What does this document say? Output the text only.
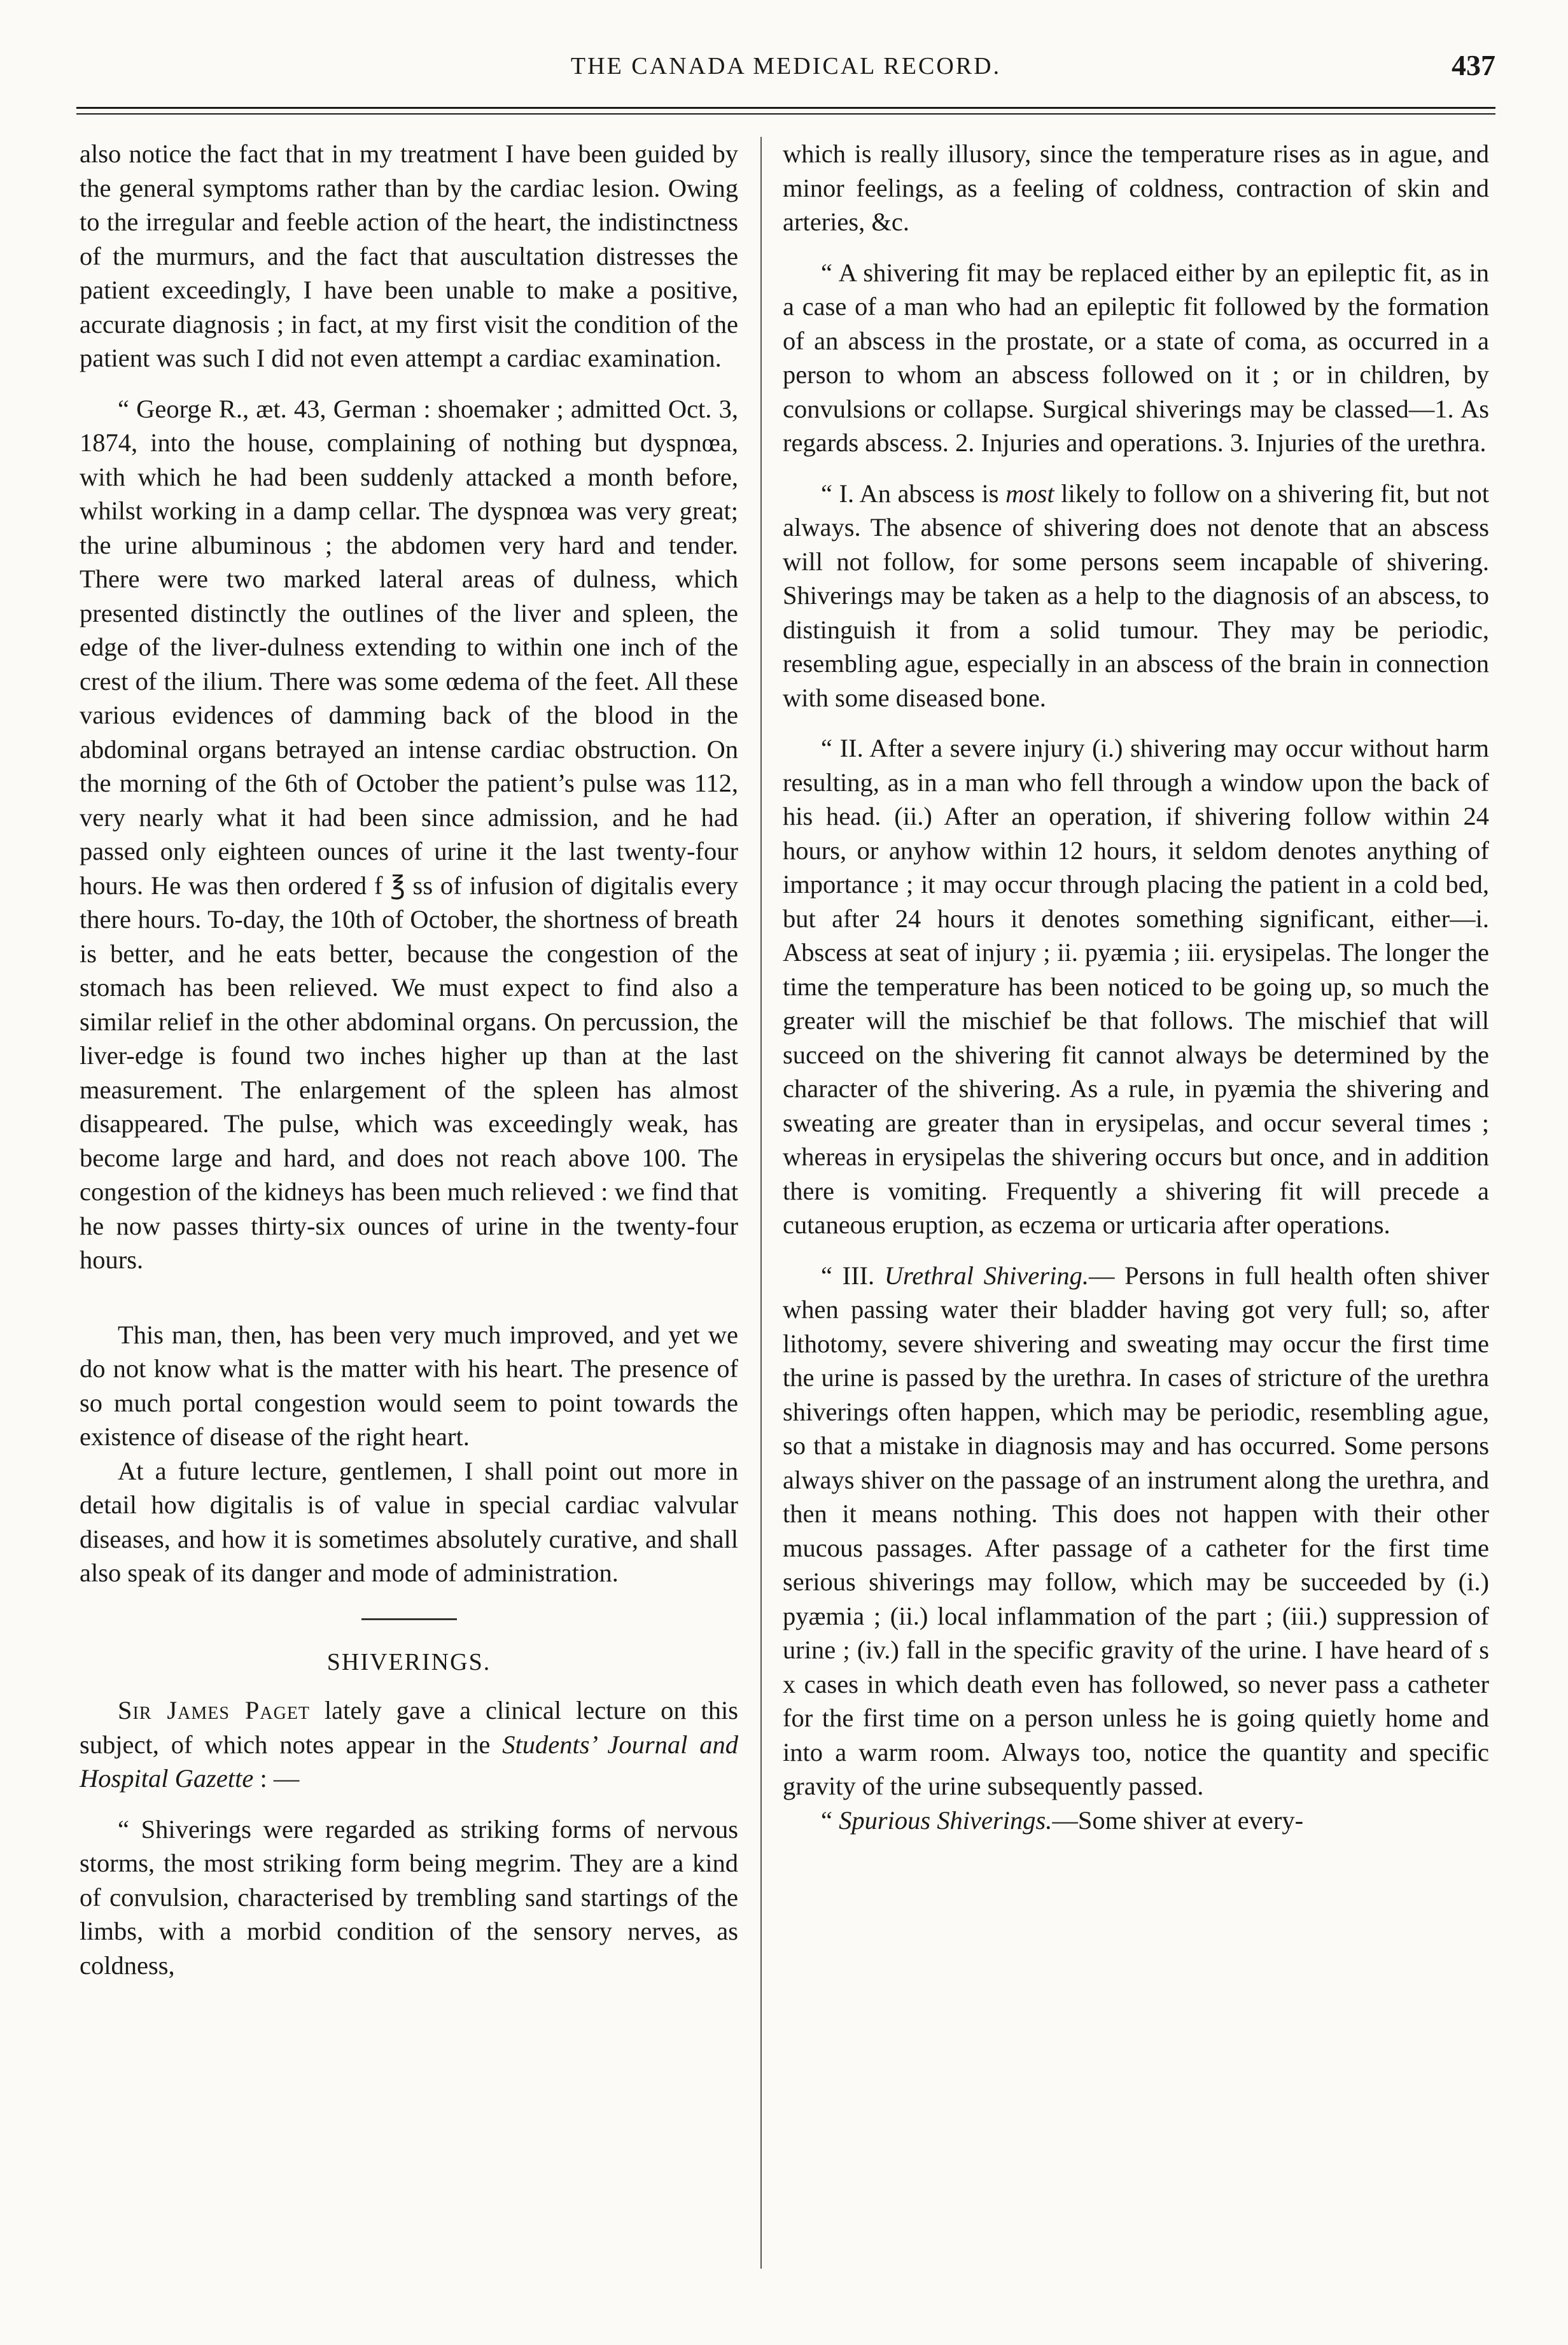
THE CANADA MEDICAL RECORD.	437

also notice the fact that in my treatment I have been guided by the general symptoms rather than by the cardiac lesion. Owing to the irregular and feeble action of the heart, the indistinctness of the murmurs, and the fact that auscultation distresses the patient exceedingly, I have been unable to make a positive, accurate diagnosis ; in fact, at my first visit the condition of the patient was such I did not even attempt a cardiac examination.

“ George R., æt. 43, German : shoemaker ; admitted Oct. 3, 1874, into the house, complaining of nothing but dyspnœa, with which he had been suddenly attacked a month before, whilst working in a damp cellar. The dyspnœa was very great; the urine albuminous ; the abdomen very hard and tender. There were two marked lateral areas of dulness, which presented distinctly the outlines of the liver and spleen, the edge of the liver-dulness extending to within one inch of the crest of the ilium. There was some œdema of the feet. All these various evidences of damming back of the blood in the abdominal organs betrayed an intense cardiac obstruction. On the morning of the 6th of October the patient’s pulse was 112, very nearly what it had been since admission, and he had passed only eighteen ounces of urine it the last twenty-four hours. He was then ordered f ℥ ss of infusion of digitalis every there hours. To-day, the 10th of October, the shortness of breath is better, and he eats better, because the congestion of the stomach has been relieved. We must expect to find also a similar relief in the other abdominal organs. On percussion, the liver-edge is found two inches higher up than at the last measurement. The enlargement of the spleen has almost disappeared. The pulse, which was exceedingly weak, has become large and hard, and does not reach above 100. The congestion of the kidneys has been much relieved : we find that he now passes thirty-six ounces of urine in the twenty-four hours.

This man, then, has been very much improved, and yet we do not know what is the matter with his heart. The presence of so much portal congestion would seem to point towards the existence of disease of the right heart.

At a future lecture, gentlemen, I shall point out more in detail how digitalis is of value in special cardiac valvular diseases, and how it is sometimes absolutely curative, and shall also speak of its danger and mode of administration.

SHIVERINGS.

Sir James Paget lately gave a clinical lecture on this subject, of which notes appear in the Students’ Journal and Hospital Gazette : —

“ Shiverings were regarded as striking forms of nervous storms, the most striking form being megrim. They are a kind of convulsion, characterised by trembling sand startings of the limbs, with a morbid condition of the sensory nerves, as coldness,

which is really illusory, since the temperature rises as in ague, and minor feelings, as a feeling of coldness, contraction of skin and arteries, &c.

“ A shivering fit may be replaced either by an epileptic fit, as in a case of a man who had an epileptic fit followed by the formation of an abscess in the prostate, or a state of coma, as occurred in a person to whom an abscess followed on it ; or in children, by convulsions or collapse. Surgical shiverings may be classed—1. As regards abscess. 2. Injuries and operations. 3. Injuries of the urethra.

“ I. An abscess is most likely to follow on a shivering fit, but not always. The absence of shivering does not denote that an abscess will not follow, for some persons seem incapable of shivering. Shiverings may be taken as a help to the diagnosis of an abscess, to distinguish it from a solid tumour. They may be periodic, resembling ague, especially in an abscess of the brain in connection with some diseased bone.

“ II. After a severe injury (i.) shivering may occur without harm resulting, as in a man who fell through a window upon the back of his head. (ii.) After an operation, if shivering follow within 24 hours, or anyhow within 12 hours, it seldom denotes anything of importance ; it may occur through placing the patient in a cold bed, but after 24 hours it denotes something significant, either—i. Abscess at seat of injury ; ii. pyæmia ; iii. erysipelas. The longer the time the temperature has been noticed to be going up, so much the greater will the mischief be that follows. The mischief that will succeed on the shivering fit cannot always be determined by the character of the shivering. As a rule, in pyæmia the shivering and sweating are greater than in erysipelas, and occur several times ; whereas in erysipelas the shivering occurs but once, and in addition there is vomiting. Frequently a shivering fit will precede a cutaneous eruption, as eczema or urticaria after operations.

“ III. Urethral Shivering.— Persons in full health often shiver when passing water their bladder having got very full; so, after lithotomy, severe shivering and sweating may occur the first time the urine is passed by the urethra. In cases of stricture of the urethra shiverings often happen, which may be periodic, resembling ague, so that a mistake in diagnosis may and has occurred. Some persons always shiver on the passage of an instrument along the urethra, and then it means nothing. This does not happen with their other mucous passages. After passage of a catheter for the first time serious shiverings may follow, which may be succeeded by (i.) pyæmia ; (ii.) local inflammation of the part ; (iii.) suppression of urine ; (iv.) fall in the specific gravity of the urine. I have heard of s x cases in which death even has followed, so never pass a catheter for the first time on a person unless he is going quietly home and into a warm room. Always too, notice the quantity and specific gravity of the urine subsequently passed.

“ Spurious Shiverings.—Some shiver at every-
